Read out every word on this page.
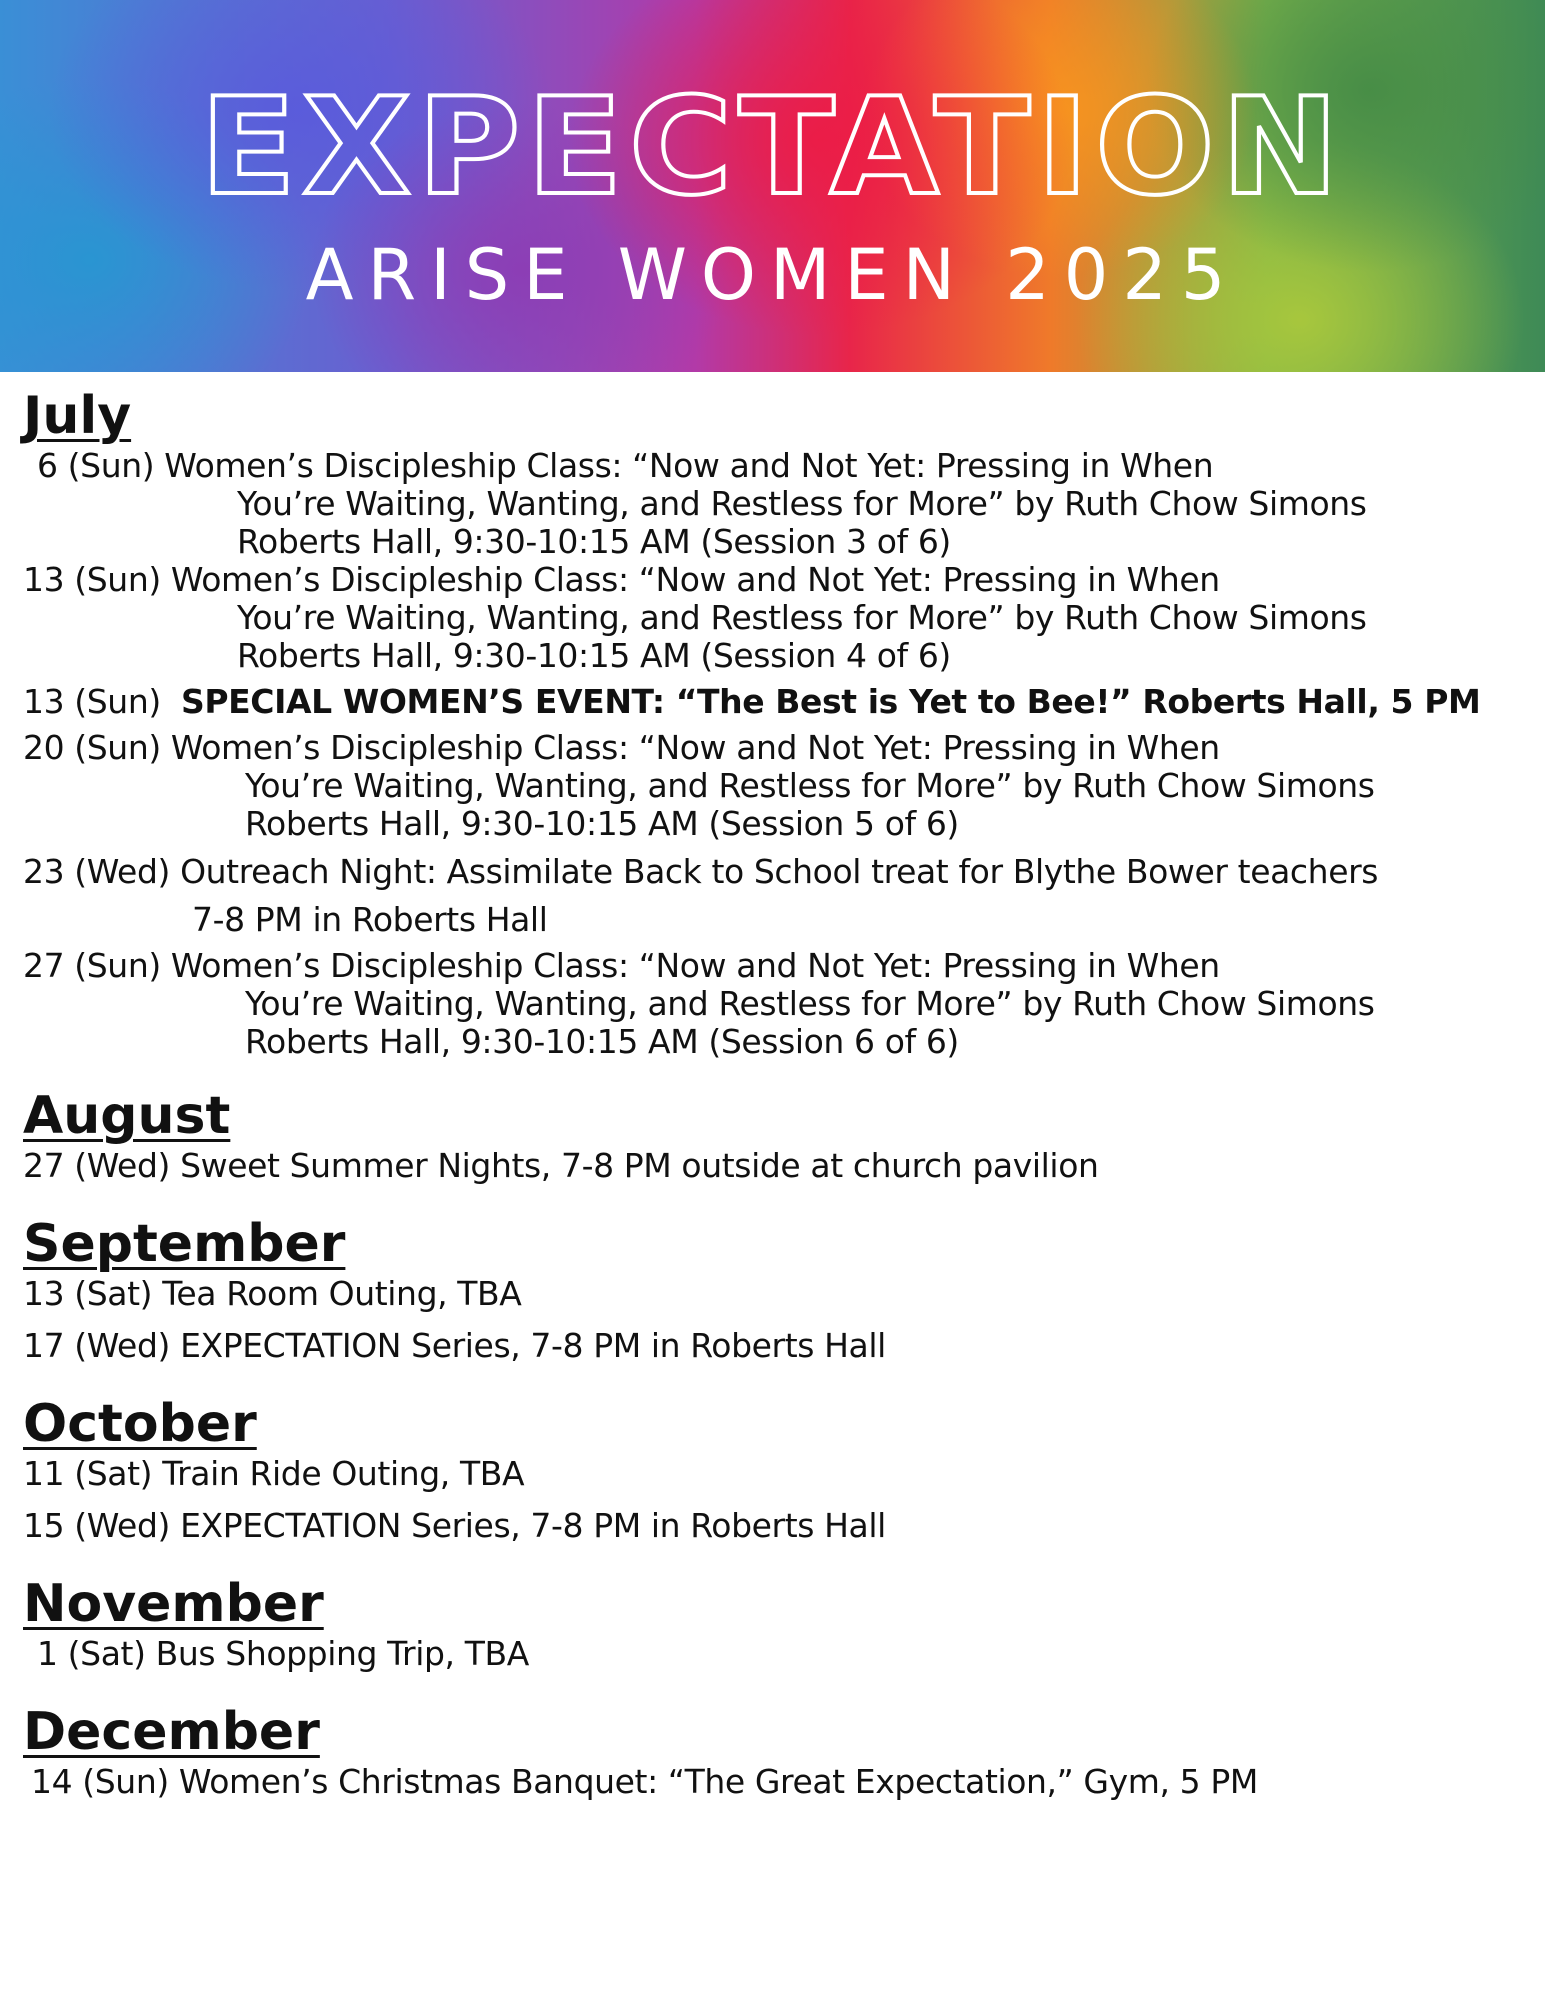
EXPECTATION
ARISE WOMEN 2025
July
6 (Sun) Women’s Discipleship Class: “Now and Not Yet: Pressing in When
You’re Waiting, Wanting, and Restless for More” by Ruth Chow Simons
Roberts Hall, 9:30-10:15 AM (Session 3 of 6)
13 (Sun) Women’s Discipleship Class: “Now and Not Yet: Pressing in When
You’re Waiting, Wanting, and Restless for More” by Ruth Chow Simons
Roberts Hall, 9:30-10:15 AM (Session 4 of 6)
13 (Sun) SPECIAL WOMEN’S EVENT: “The Best is Yet to Bee!” Roberts Hall, 5 PM
20 (Sun) Women’s Discipleship Class: “Now and Not Yet: Pressing in When
You’re Waiting, Wanting, and Restless for More” by Ruth Chow Simons
Roberts Hall, 9:30-10:15 AM (Session 5 of 6)
23 (Wed) Outreach Night: Assimilate Back to School treat for Blythe Bower teachers
7-8 PM in Roberts Hall
27 (Sun) Women’s Discipleship Class: “Now and Not Yet: Pressing in When
You’re Waiting, Wanting, and Restless for More” by Ruth Chow Simons
Roberts Hall, 9:30-10:15 AM (Session 6 of 6)
August
27 (Wed) Sweet Summer Nights, 7-8 PM outside at church pavilion
September
13 (Sat) Tea Room Outing, TBA
17 (Wed) EXPECTATION Series, 7-8 PM in Roberts Hall
October
11 (Sat) Train Ride Outing, TBA
15 (Wed) EXPECTATION Series, 7-8 PM in Roberts Hall
November
1 (Sat) Bus Shopping Trip, TBA
December
14 (Sun) Women’s Christmas Banquet: “The Great Expectation,” Gym, 5 PM
